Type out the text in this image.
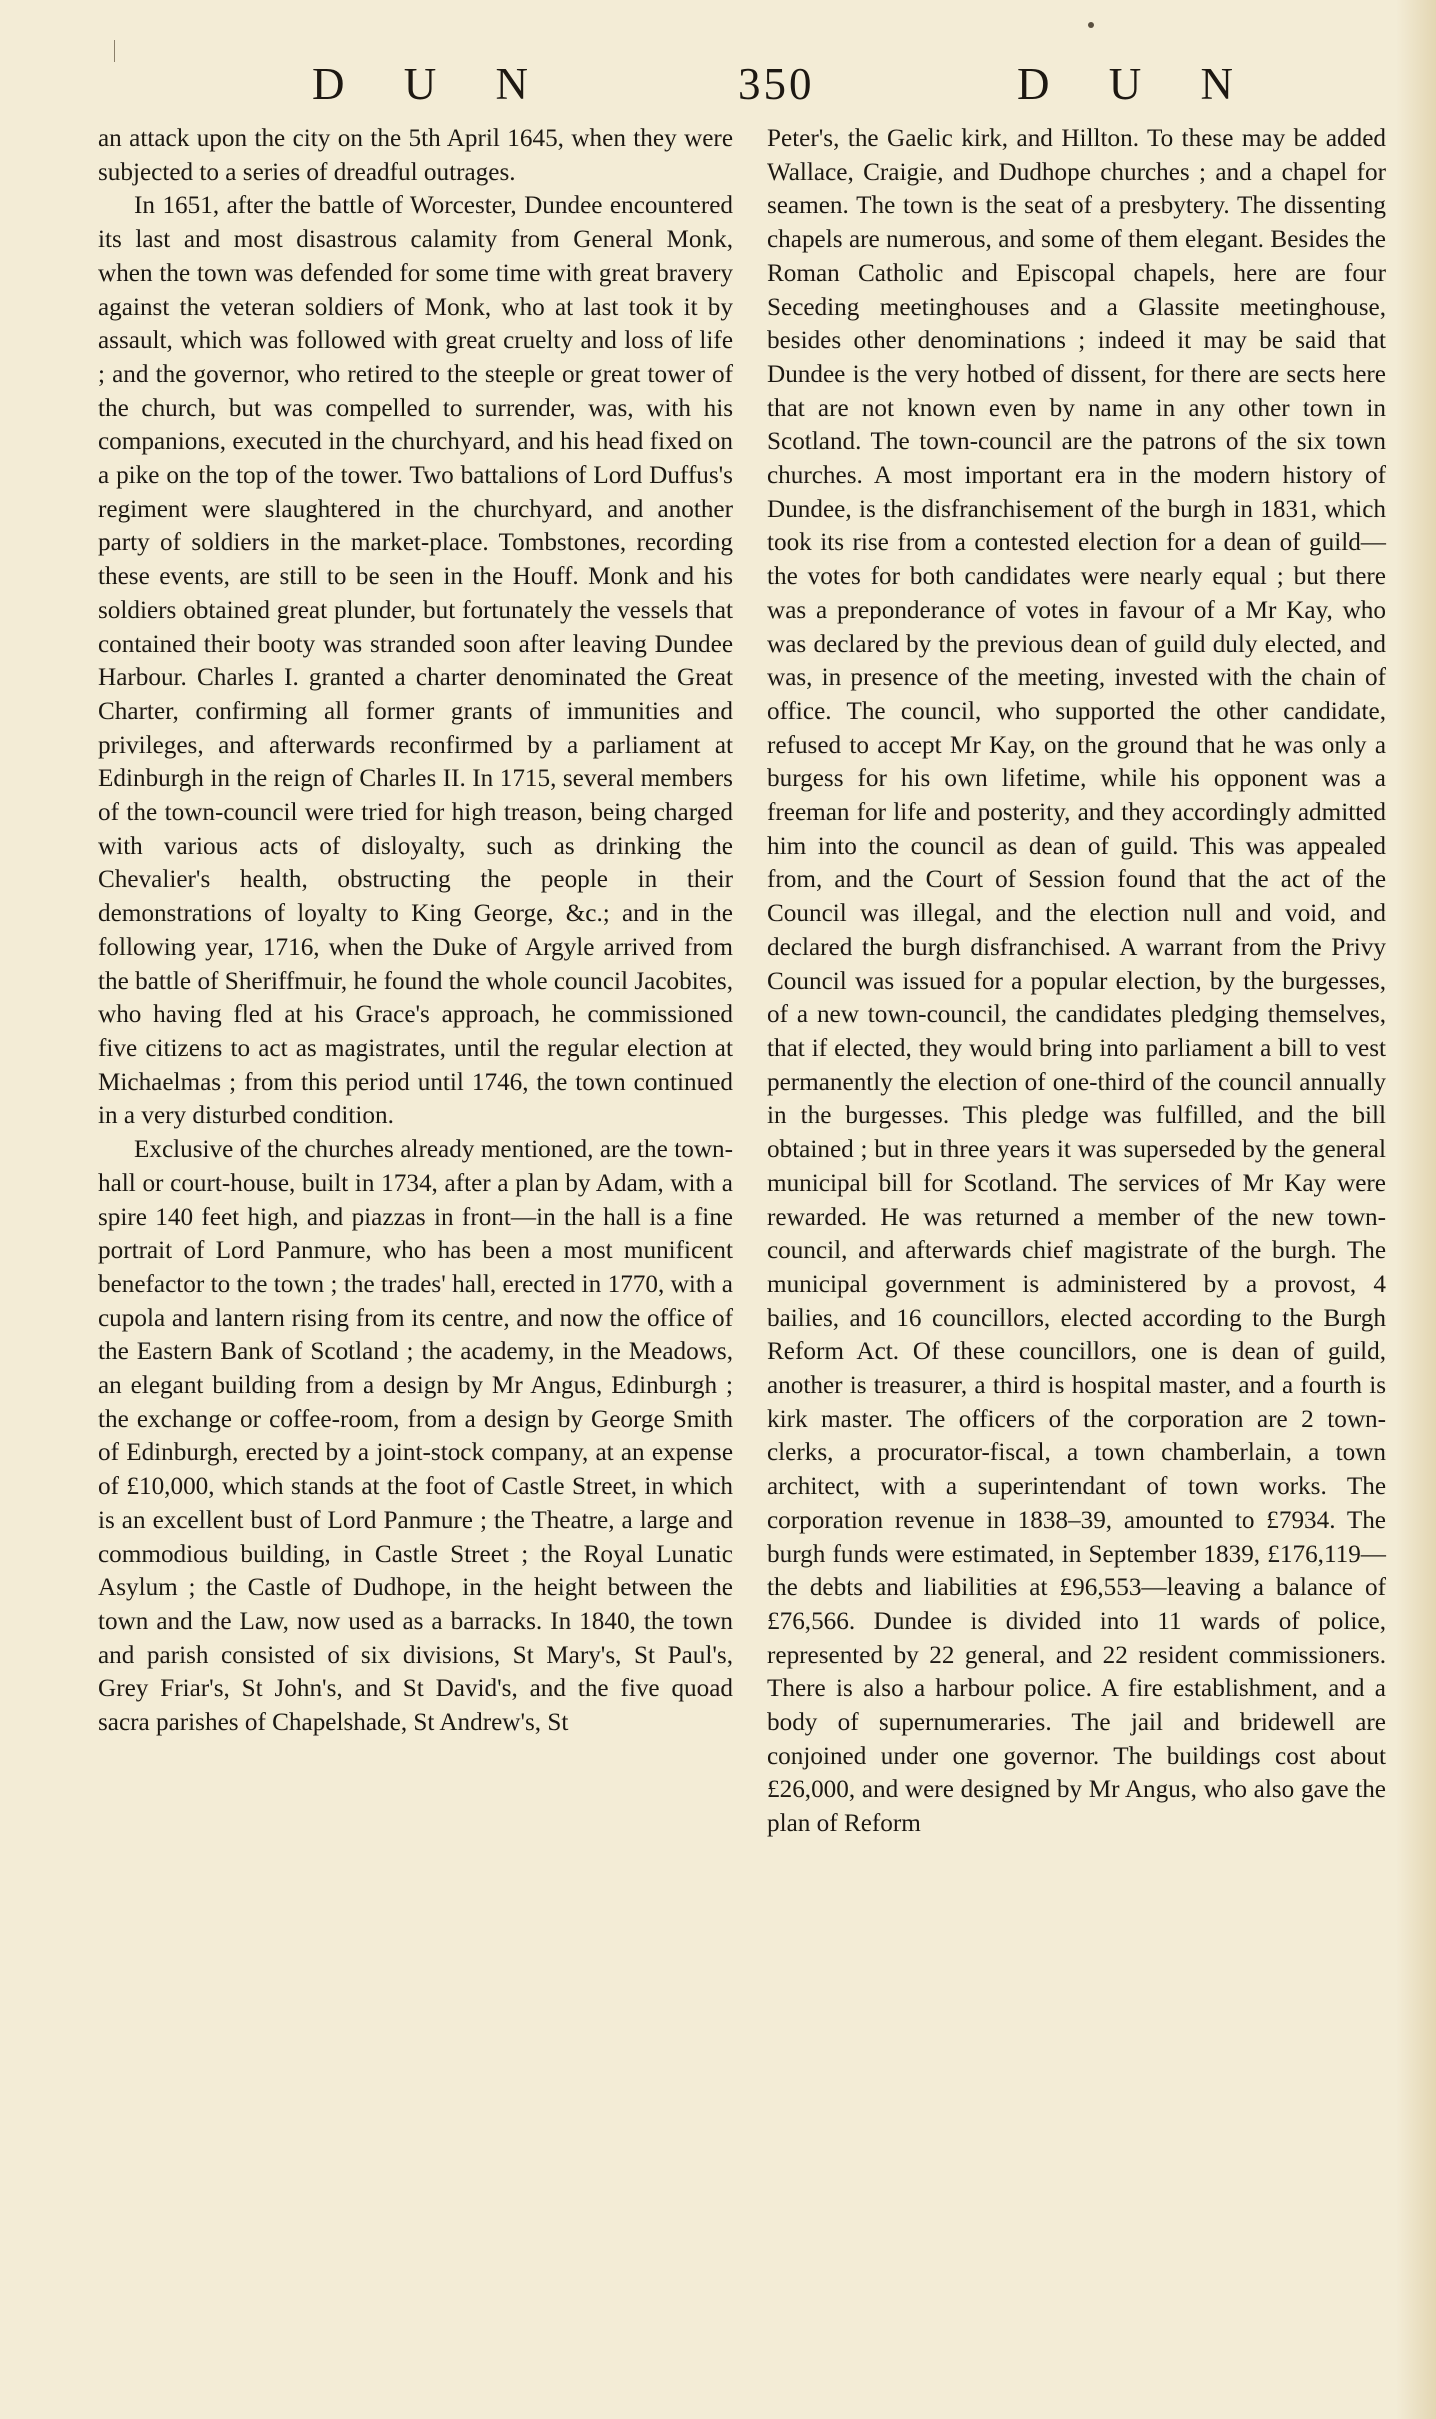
D U N	350	D U N

an attack upon the city on the 5th April 1645, when they were subjected to a series of dreadful outrages.

In 1651, after the battle of Worcester, Dundee encountered its last and most disastrous calamity from General Monk, when the town was defended for some time with great bravery against the veteran soldiers of Monk, who at last took it by assault, which was followed with great cruelty and loss of life ; and the governor, who retired to the steeple or great tower of the church, but was compelled to surrender, was, with his companions, executed in the churchyard, and his head fixed on a pike on the top of the tower. Two battalions of Lord Duffus's regiment were slaughtered in the churchyard, and another party of soldiers in the market-place. Tombstones, recording these events, are still to be seen in the Houff. Monk and his soldiers obtained great plunder, but fortunately the vessels that contained their booty was stranded soon after leaving Dundee Harbour. Charles I. granted a charter denominated the Great Charter, confirming all former grants of immunities and privileges, and afterwards reconfirmed by a parliament at Edinburgh in the reign of Charles II. In 1715, several members of the town-council were tried for high treason, being charged with various acts of disloyalty, such as drinking the Chevalier's health, obstructing the people in their demonstrations of loyalty to King George, &c.; and in the following year, 1716, when the Duke of Argyle arrived from the battle of Sheriffmuir, he found the whole council Jacobites, who having fled at his Grace's approach, he commissioned five citizens to act as magistrates, until the regular election at Michaelmas ; from this period until 1746, the town continued in a very disturbed condition.

Exclusive of the churches already mentioned, are the town-hall or court-house, built in 1734, after a plan by Adam, with a spire 140 feet high, and piazzas in front—in the hall is a fine portrait of Lord Panmure, who has been a most munificent benefactor to the town ; the trades' hall, erected in 1770, with a cupola and lantern rising from its centre, and now the office of the Eastern Bank of Scotland ; the academy, in the Meadows, an elegant building from a design by Mr Angus, Edinburgh ; the exchange or coffee-room, from a design by George Smith of Edinburgh, erected by a joint-stock company, at an expense of £10,000, which stands at the foot of Castle Street, in which is an excellent bust of Lord Panmure ; the Theatre, a large and commodious building, in Castle Street ; the Royal Lunatic Asylum ; the Castle of Dudhope, in the height between the town and the Law, now used as a barracks. In 1840, the town and parish consisted of six divisions, St Mary's, St Paul's, Grey Friar's, St John's, and St David's, and the five quoad sacra parishes of Chapelshade, St Andrew's, St

Peter's, the Gaelic kirk, and Hillton. To these may be added Wallace, Craigie, and Dudhope churches ; and a chapel for seamen. The town is the seat of a presbytery. The dissenting chapels are numerous, and some of them elegant. Besides the Roman Catholic and Episcopal chapels, here are four Seceding meetinghouses and a Glassite meetinghouse, besides other denominations ; indeed it may be said that Dundee is the very hotbed of dissent, for there are sects here that are not known even by name in any other town in Scotland. The town-council are the patrons of the six town churches. A most important era in the modern history of Dundee, is the disfranchisement of the burgh in 1831, which took its rise from a contested election for a dean of guild—the votes for both candidates were nearly equal ; but there was a preponderance of votes in favour of a Mr Kay, who was declared by the previous dean of guild duly elected, and was, in presence of the meeting, invested with the chain of office. The council, who supported the other candidate, refused to accept Mr Kay, on the ground that he was only a burgess for his own lifetime, while his opponent was a freeman for life and posterity, and they accordingly admitted him into the council as dean of guild. This was appealed from, and the Court of Session found that the act of the Council was illegal, and the election null and void, and declared the burgh disfranchised. A warrant from the Privy Council was issued for a popular election, by the burgesses, of a new town-council, the candidates pledging themselves, that if elected, they would bring into parliament a bill to vest permanently the election of one-third of the council annually in the burgesses. This pledge was fulfilled, and the bill obtained ; but in three years it was superseded by the general municipal bill for Scotland. The services of Mr Kay were rewarded. He was returned a member of the new town-council, and afterwards chief magistrate of the burgh. The municipal government is administered by a provost, 4 bailies, and 16 councillors, elected according to the Burgh Reform Act. Of these councillors, one is dean of guild, another is treasurer, a third is hospital master, and a fourth is kirk master. The officers of the corporation are 2 town-clerks, a procurator-fiscal, a town chamberlain, a town architect, with a superintendant of town works. The corporation revenue in 1838–39, amounted to £7934. The burgh funds were estimated, in September 1839, £176,119—the debts and liabilities at £96,553—leaving a balance of £76,566. Dundee is divided into 11 wards of police, represented by 22 general, and 22 resident commissioners. There is also a harbour police. A fire establishment, and a body of supernumeraries. The jail and bridewell are conjoined under one governor. The buildings cost about £26,000, and were designed by Mr Angus, who also gave the plan of Reform
